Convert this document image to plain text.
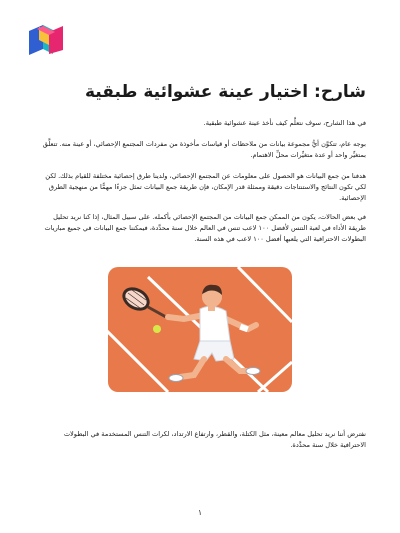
شارح: اختيار عينة عشوائية طبقية

في هذا الشارح، سوف نتعلَّم كيف نأخذ عينة عشوائية طبقية.

بوجه عام، تتكوَّن أيُّ مجموعة بيانات من ملاحظات أو قياسات مأخوذة من مفردات المجتمع الإحصائي، أو عينة منه. تتعلَّق بمتغيِّر واحد أو عدة متغيِّرات محلِّ الاهتمام.

هدفنا من جمع البيانات هو الحصول على معلومات عن المجتمع الإحصائي، ولدينا طرق إحصائية مختلفة للقيام بذلك. لكن لكي تكون النتائج والاستنتاجات دقيقة وممثلة قدر الإمكان، فإن طريقة جمع البيانات تمثل جزءًا مهمًّا من منهجية الطرق الإحصائية.

في بعض الحالات، يكون من الممكن جمع البيانات من المجتمع الإحصائي بأكمله. على سبيل المثال، إذا كنا نريد تحليل طريقة الأداء في لعبة التنس لأفضل ١٠٠ لاعب تنس في العالم خلال سنة محدَّدة، فيمكننا جمع البيانات في جميع مباريات البطولات الاحترافية التي يلعبها أفضل ١٠٠ لاعب في هذه السنة.

نفترض أننا نريد تحليل معالم معينة، مثل الكتلة، والقطر، وارتفاع الارتداد، لكرات التنس المستخدمة في البطولات الاحترافية خلال سنة محدَّدة.

١
